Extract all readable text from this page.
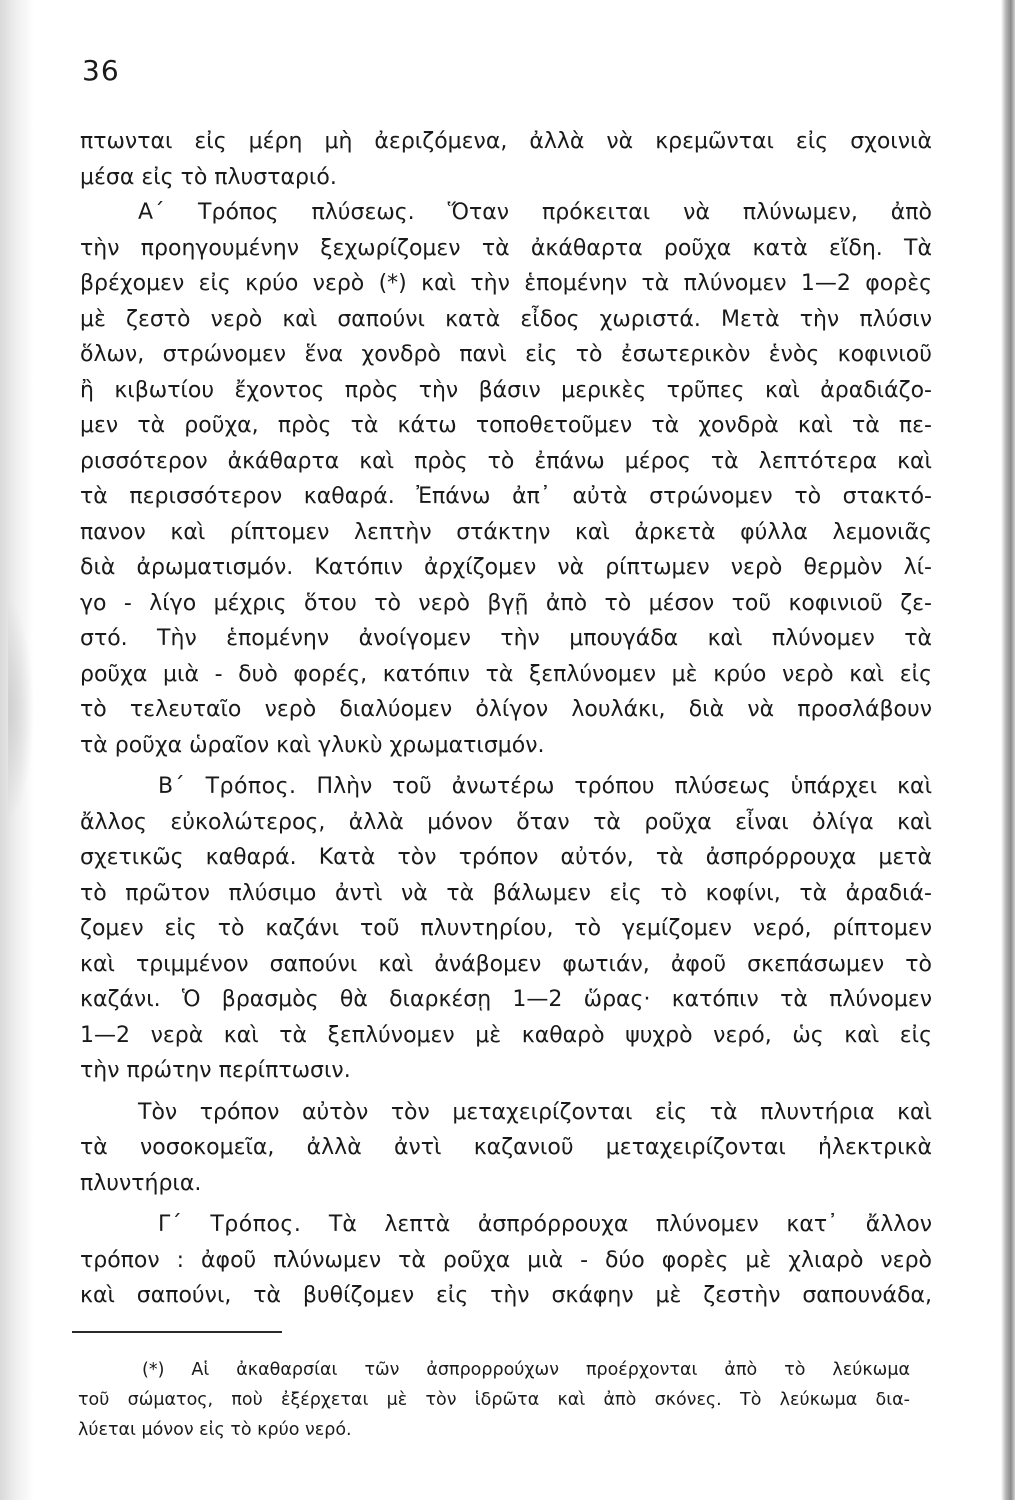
36
πτωνται εἰς μέρη μὴ ἀεριζόμενα, ἀλλὰ νὰ κρεμῶνται εἰς σχοινιὰ
μέσα εἰς τὸ πλυσταριό.
Α΄ Τρόπος πλύσεως. Ὅταν πρόκειται νὰ πλύνωμεν, ἀπὸ
τὴν προηγουμένην ξεχωρίζομεν τὰ ἀκάθαρτα ροῦχα κατὰ εἴδη. Τὰ
βρέχομεν εἰς κρύο νερὸ (*) καὶ τὴν ἑπομένην τὰ πλύνομεν 1—2 φορὲς
μὲ ζεστὸ νερὸ καὶ σαπούνι κατὰ εἶδος χωριστά. Μετὰ τὴν πλύσιν
ὅλων, στρώνομεν ἕνα χονδρὸ πανὶ εἰς τὸ ἐσωτερικὸν ἑνὸς κοφινιοῦ
ἢ κιβωτίου ἔχοντος πρὸς τὴν βάσιν μερικὲς τρῦπες καὶ ἀραδιάζο-
μεν τὰ ροῦχα, πρὸς τὰ κάτω τοποθετοῦμεν τὰ χονδρὰ καὶ τὰ πε-
ρισσότερον ἀκάθαρτα καὶ πρὸς τὸ ἐπάνω μέρος τὰ λεπτότερα καὶ
τὰ περισσότερον καθαρά. Ἐπάνω ἀπ᾽ αὐτὰ στρώνομεν τὸ στακτό-
πανον καὶ ρίπτομεν λεπτὴν στάκτην καὶ ἀρκετὰ φύλλα λεμονιᾶς
διὰ ἀρωματισμόν. Κατόπιν ἀρχίζομεν νὰ ρίπτωμεν νερὸ θερμὸν λί-
γο - λίγο μέχρις ὅτου τὸ νερὸ βγῇ ἀπὸ τὸ μέσον τοῦ κοφινιοῦ ζε-
στό. Τὴν ἑπομένην ἀνοίγομεν τὴν μπουγάδα καὶ πλύνομεν τὰ
ροῦχα μιὰ - δυὸ φορές, κατόπιν τὰ ξεπλύνομεν μὲ κρύο νερὸ καὶ εἰς
τὸ τελευταῖο νερὸ διαλύομεν ὀλίγον λουλάκι, διὰ νὰ προσλάβουν
τὰ ροῦχα ὡραῖον καὶ γλυκὺ χρωματισμόν.
Β΄ Τρόπος. Πλὴν τοῦ ἀνωτέρω τρόπου πλύσεως ὑπάρχει καὶ
ἄλλος εὐκολώτερος, ἀλλὰ μόνον ὅταν τὰ ροῦχα εἶναι ὀλίγα καὶ
σχετικῶς καθαρά. Κατὰ τὸν τρόπον αὐτόν, τὰ ἀσπρόρρουχα μετὰ
τὸ πρῶτον πλύσιμο ἀντὶ νὰ τὰ βάλωμεν εἰς τὸ κοφίνι, τὰ ἀραδιά-
ζομεν εἰς τὸ καζάνι τοῦ πλυντηρίου, τὸ γεμίζομεν νερό, ρίπτομεν
καὶ τριμμένον σαπούνι καὶ ἀνάβομεν φωτιάν, ἀφοῦ σκεπάσωμεν τὸ
καζάνι. Ὁ βρασμὸς θὰ διαρκέσῃ 1—2 ὥρας· κατόπιν τὰ πλύνομεν
1—2 νερὰ καὶ τὰ ξεπλύνομεν μὲ καθαρὸ ψυχρὸ νερό, ὡς καὶ εἰς
τὴν πρώτην περίπτωσιν.
Τὸν τρόπον αὐτὸν τὸν μεταχειρίζονται εἰς τὰ πλυντήρια καὶ
τὰ νοσοκομεῖα, ἀλλὰ ἀντὶ καζανιοῦ μεταχειρίζονται ἠλεκτρικὰ
πλυντήρια.
Γ΄ Τρόπος. Τὰ λεπτὰ ἀσπρόρρουχα πλύνομεν κατ᾽ ἄλλον
τρόπον : ἀφοῦ πλύνωμεν τὰ ροῦχα μιὰ - δύο φορὲς μὲ χλιαρὸ νερὸ
καὶ σαπούνι, τὰ βυθίζομεν εἰς τὴν σκάφην μὲ ζεστὴν σαπουνάδα,
(*) Αἱ ἀκαθαρσίαι τῶν ἀσπρορρούχων προέρχονται ἀπὸ τὸ λεύκωμα
τοῦ σώματος, ποὺ ἐξέρχεται μὲ τὸν ἱδρῶτα καὶ ἀπὸ σκόνες. Τὸ λεύκωμα δια-
λύεται μόνον εἰς τὸ κρύο νερό.
